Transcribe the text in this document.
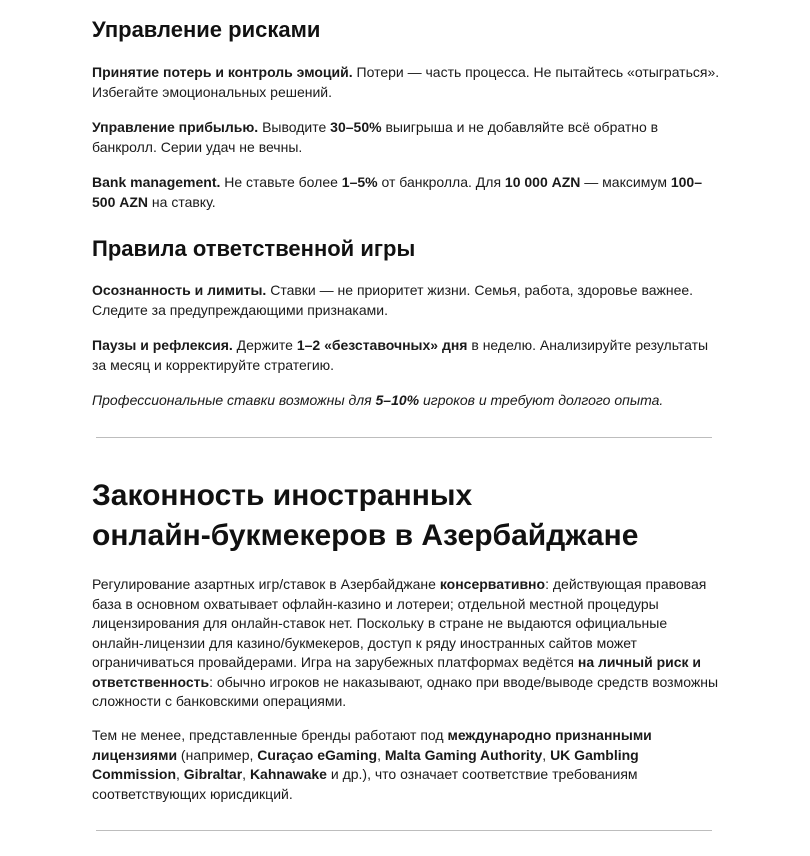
Управление рисками

Принятие потерь и контроль эмоций. Потери — часть процесса. Не пытайтесь «отыграться». Избегайте эмоциональных решений.

Управление прибылью. Выводите 30–50% выигрыша и не добавляйте всё обратно в банкролл. Серии удач не вечны.

Bank management. Не ставьте более 1–5% от банкролла. Для 10 000 AZN — максимум 100–500 AZN на ставку.

Правила ответственной игры

Осознанность и лимиты. Ставки — не приоритет жизни. Семья, работа, здоровье важнее. Следите за предупреждающими признаками.

Паузы и рефлексия. Держите 1–2 «безставочных» дня в неделю. Анализируйте результаты за месяц и корректируйте стратегию.

Профессиональные ставки возможны для 5–10% игроков и требуют долгого опыта.

Законность иностранных
онлайн-букмекеров в Азербайджане

Регулирование азартных игр/ставок в Азербайджане консервативно: действующая правовая база в основном охватывает офлайн-казино и лотереи; отдельной местной процедуры лицензирования для онлайн-ставок нет. Поскольку в стране не выдаются официальные онлайн-лицензии для казино/букмекеров, доступ к ряду иностранных сайтов может ограничиваться провайдерами. Игра на зарубежных платформах ведётся на личный риск и ответственность: обычно игроков не наказывают, однако при вводе/выводе средств возможны сложности с банковскими операциями.

Тем не менее, представленные бренды работают под международно признанными лицензиями (например, Curaçao eGaming, Malta Gaming Authority, UK Gambling Commission, Gibraltar, Kahnawake и др.), что означает соответствие требованиям соответствующих юрисдикций.
